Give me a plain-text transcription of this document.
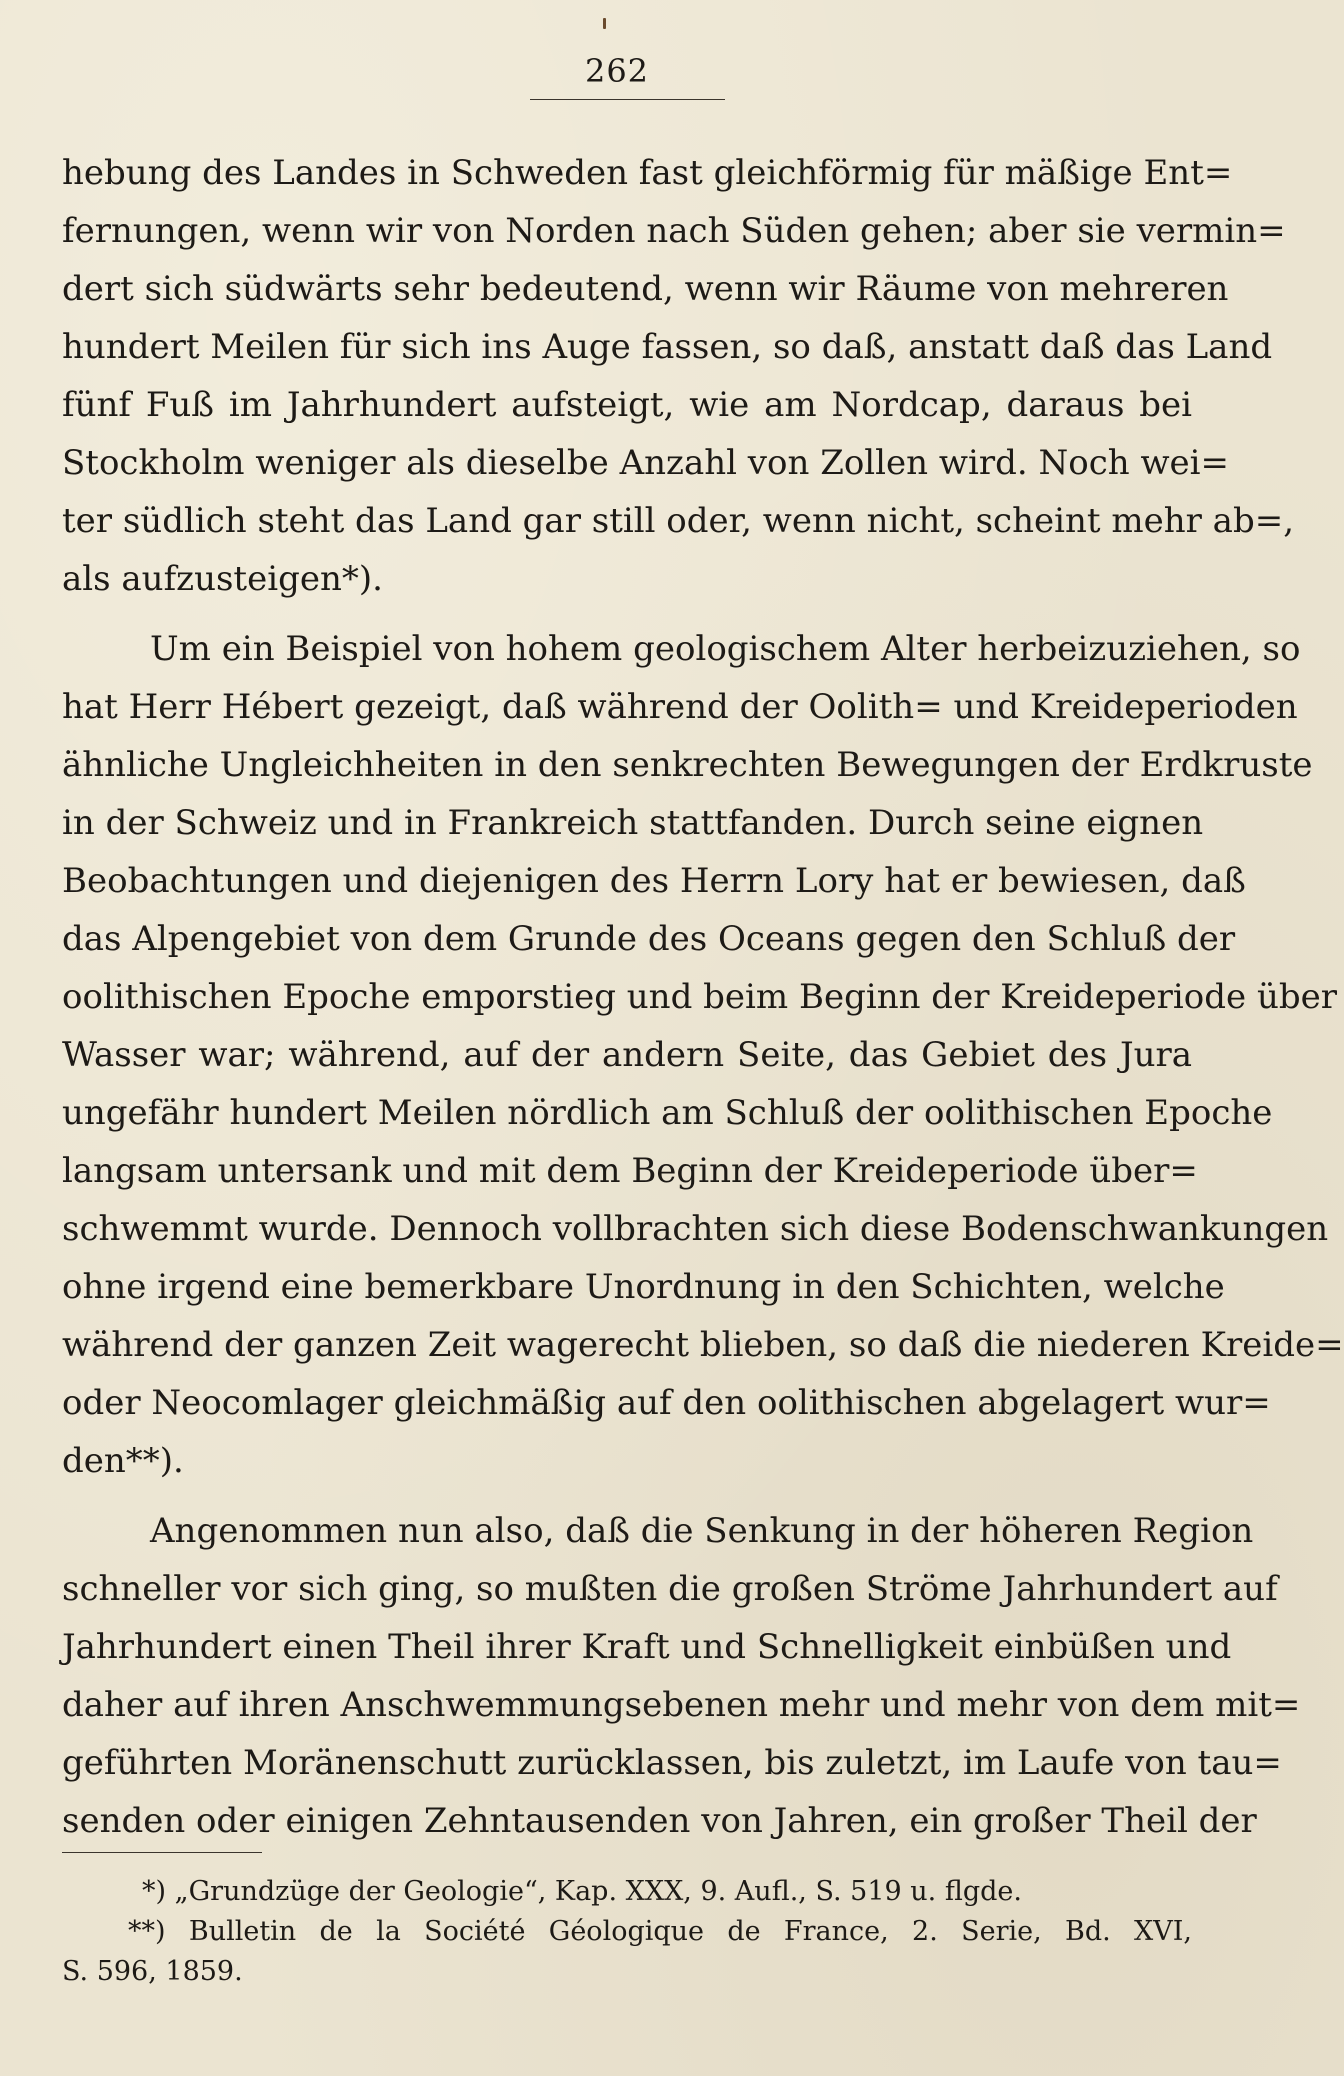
262
hebung des Landes in Schweden fast gleichförmig für mäßige Ent=
fernungen, wenn wir von Norden nach Süden gehen; aber sie vermin=
dert sich südwärts sehr bedeutend, wenn wir Räume von mehreren
hundert Meilen für sich ins Auge fassen, so daß, anstatt daß das Land
fünf Fuß im Jahrhundert aufsteigt, wie am Nordcap, daraus bei
Stockholm weniger als dieselbe Anzahl von Zollen wird. Noch wei=
ter südlich steht das Land gar still oder, wenn nicht, scheint mehr ab=,
als aufzusteigen*).
Um ein Beispiel von hohem geologischem Alter herbeizuziehen, so
hat Herr Hébert gezeigt, daß während der Oolith= und Kreideperioden
ähnliche Ungleichheiten in den senkrechten Bewegungen der Erdkruste
in der Schweiz und in Frankreich stattfanden. Durch seine eignen
Beobachtungen und diejenigen des Herrn Lory hat er bewiesen, daß
das Alpengebiet von dem Grunde des Oceans gegen den Schluß der
oolithischen Epoche emporstieg und beim Beginn der Kreideperiode über
Wasser war; während, auf der andern Seite, das Gebiet des Jura
ungefähr hundert Meilen nördlich am Schluß der oolithischen Epoche
langsam untersank und mit dem Beginn der Kreideperiode über=
schwemmt wurde. Dennoch vollbrachten sich diese Bodenschwankungen
ohne irgend eine bemerkbare Unordnung in den Schichten, welche
während der ganzen Zeit wagerecht blieben, so daß die niederen Kreide=
oder Neocomlager gleichmäßig auf den oolithischen abgelagert wur=
den**).
Angenommen nun also, daß die Senkung in der höheren Region
schneller vor sich ging, so mußten die großen Ströme Jahrhundert auf
Jahrhundert einen Theil ihrer Kraft und Schnelligkeit einbüßen und
daher auf ihren Anschwemmungsebenen mehr und mehr von dem mit=
geführten Moränenschutt zurücklassen, bis zuletzt, im Laufe von tau=
senden oder einigen Zehntausenden von Jahren, ein großer Theil der
*) „Grundzüge der Geologie“, Kap. XXX, 9. Aufl., S. 519 u. flgde.
**) Bulletin de la Société Géologique de France, 2. Serie, Bd. XVI,
S. 596, 1859.
